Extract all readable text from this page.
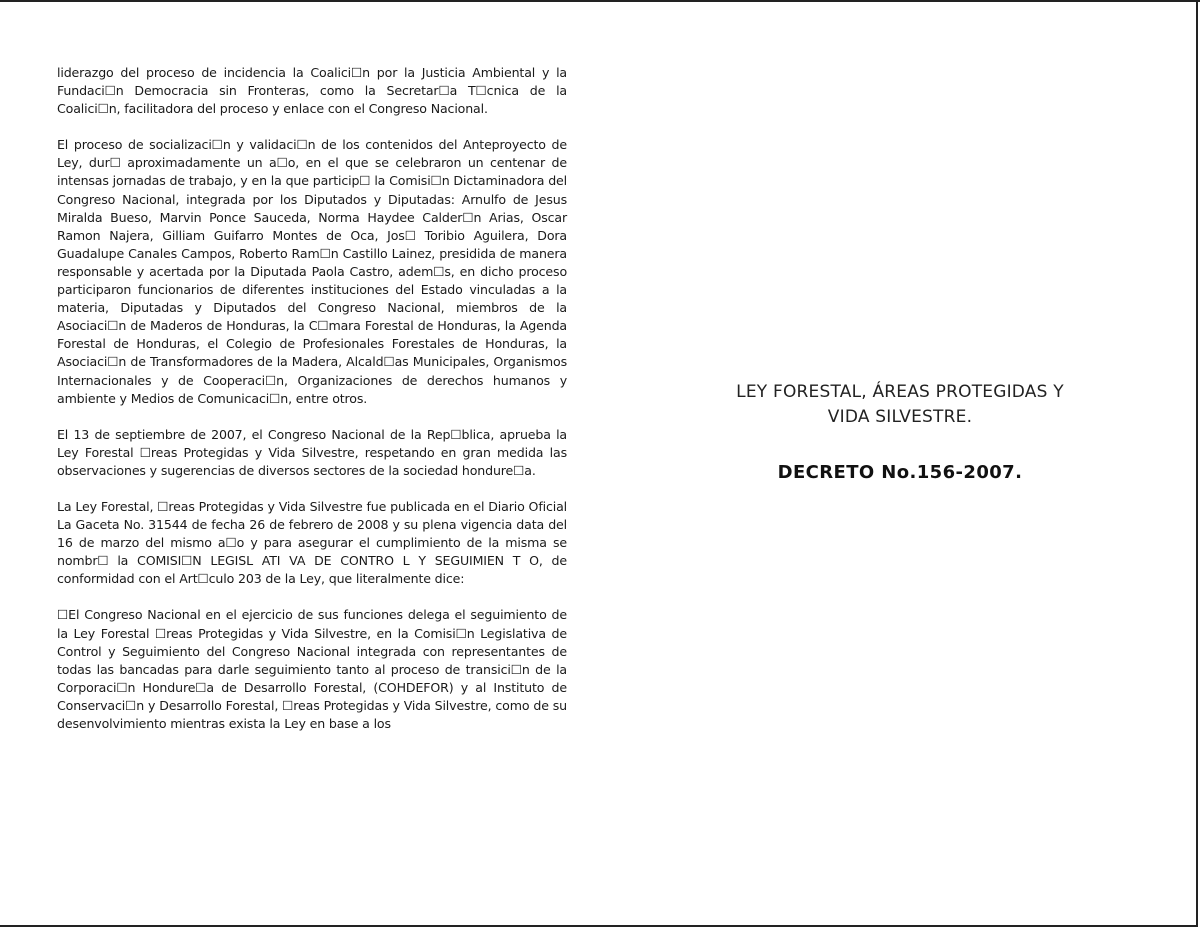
liderazgo del proceso de incidencia la Coalici☐n por la Justicia Ambiental y la Fundaci☐n Democracia sin Fronteras, como la Secretar☐a T☐cnica de la Coalici☐n, facilitadora del proceso y enlace con el Congreso Nacional.

El proceso de socializaci☐n y validaci☐n de los contenidos del Anteproyecto de Ley, dur☐ aproximadamente un a☐o, en el que se celebraron un centenar de intensas jornadas de trabajo, y en la que particip☐ la Comisi☐n Dictaminadora del Congreso Nacional, integrada por los Diputados y Diputadas: Arnulfo de Jesus Miralda Bueso, Marvin Ponce Sauceda, Norma Haydee Calder☐n Arias, Oscar Ramon Najera, Gilliam Guifarro Montes de Oca, Jos☐ Toribio Aguilera, Dora Guadalupe Canales Campos, Roberto Ram☐n Castillo Lainez, presidida de manera responsable y acertada por la Diputada Paola Castro, adem☐s, en dicho proceso participaron funcionarios de diferentes instituciones del Estado vinculadas a la materia, Diputadas y Diputados del Congreso Nacional, miembros de la Asociaci☐n de Maderos de Honduras, la C☐mara Forestal de Honduras, la Agenda Forestal de Honduras, el Colegio de Profesionales Forestales de Honduras, la Asociaci☐n de Transformadores de la Madera, Alcald☐as Municipales, Organismos Internacionales y de Cooperaci☐n, Organizaciones de derechos humanos y ambiente y Medios de Comunicaci☐n, entre otros.

El 13 de septiembre de 2007, el Congreso Nacional de la Rep☐blica, aprueba la Ley Forestal ☐reas Protegidas y Vida Silvestre, respetando en gran medida las observaciones y sugerencias de diversos sectores de la sociedad hondure☐a.

La Ley Forestal, ☐reas Protegidas y Vida Silvestre fue publicada en el Diario Oficial La Gaceta No. 31544 de fecha 26 de febrero de 2008 y su plena vigencia data del 16 de marzo del mismo a☐o y para asegurar el cumplimiento de la misma se nombr☐ la COMISI☐N LEGISL ATI VA DE CONTRO L Y SEGUIMIEN T O, de conformidad con el Art☐culo 203 de la Ley, que literalmente dice:

☐El Congreso Nacional en el ejercicio de sus funciones delega el seguimiento de la Ley Forestal ☐reas Protegidas y Vida Silvestre, en la Comisi☐n Legislativa de Control y Seguimiento del Congreso Nacional integrada con representantes de todas las bancadas para darle seguimiento tanto al proceso de transici☐n de la Corporaci☐n Hondure☐a de Desarrollo Forestal, (COHDEFOR) y al Instituto de Conservaci☐n y Desarrollo Forestal, ☐reas Protegidas y Vida Silvestre, como de su desenvolvimiento mientras exista la Ley en base a los

LEY FORESTAL, ÁREAS PROTEGIDAS Y
VIDA SILVESTRE.
DECRETO No.156-2007.
